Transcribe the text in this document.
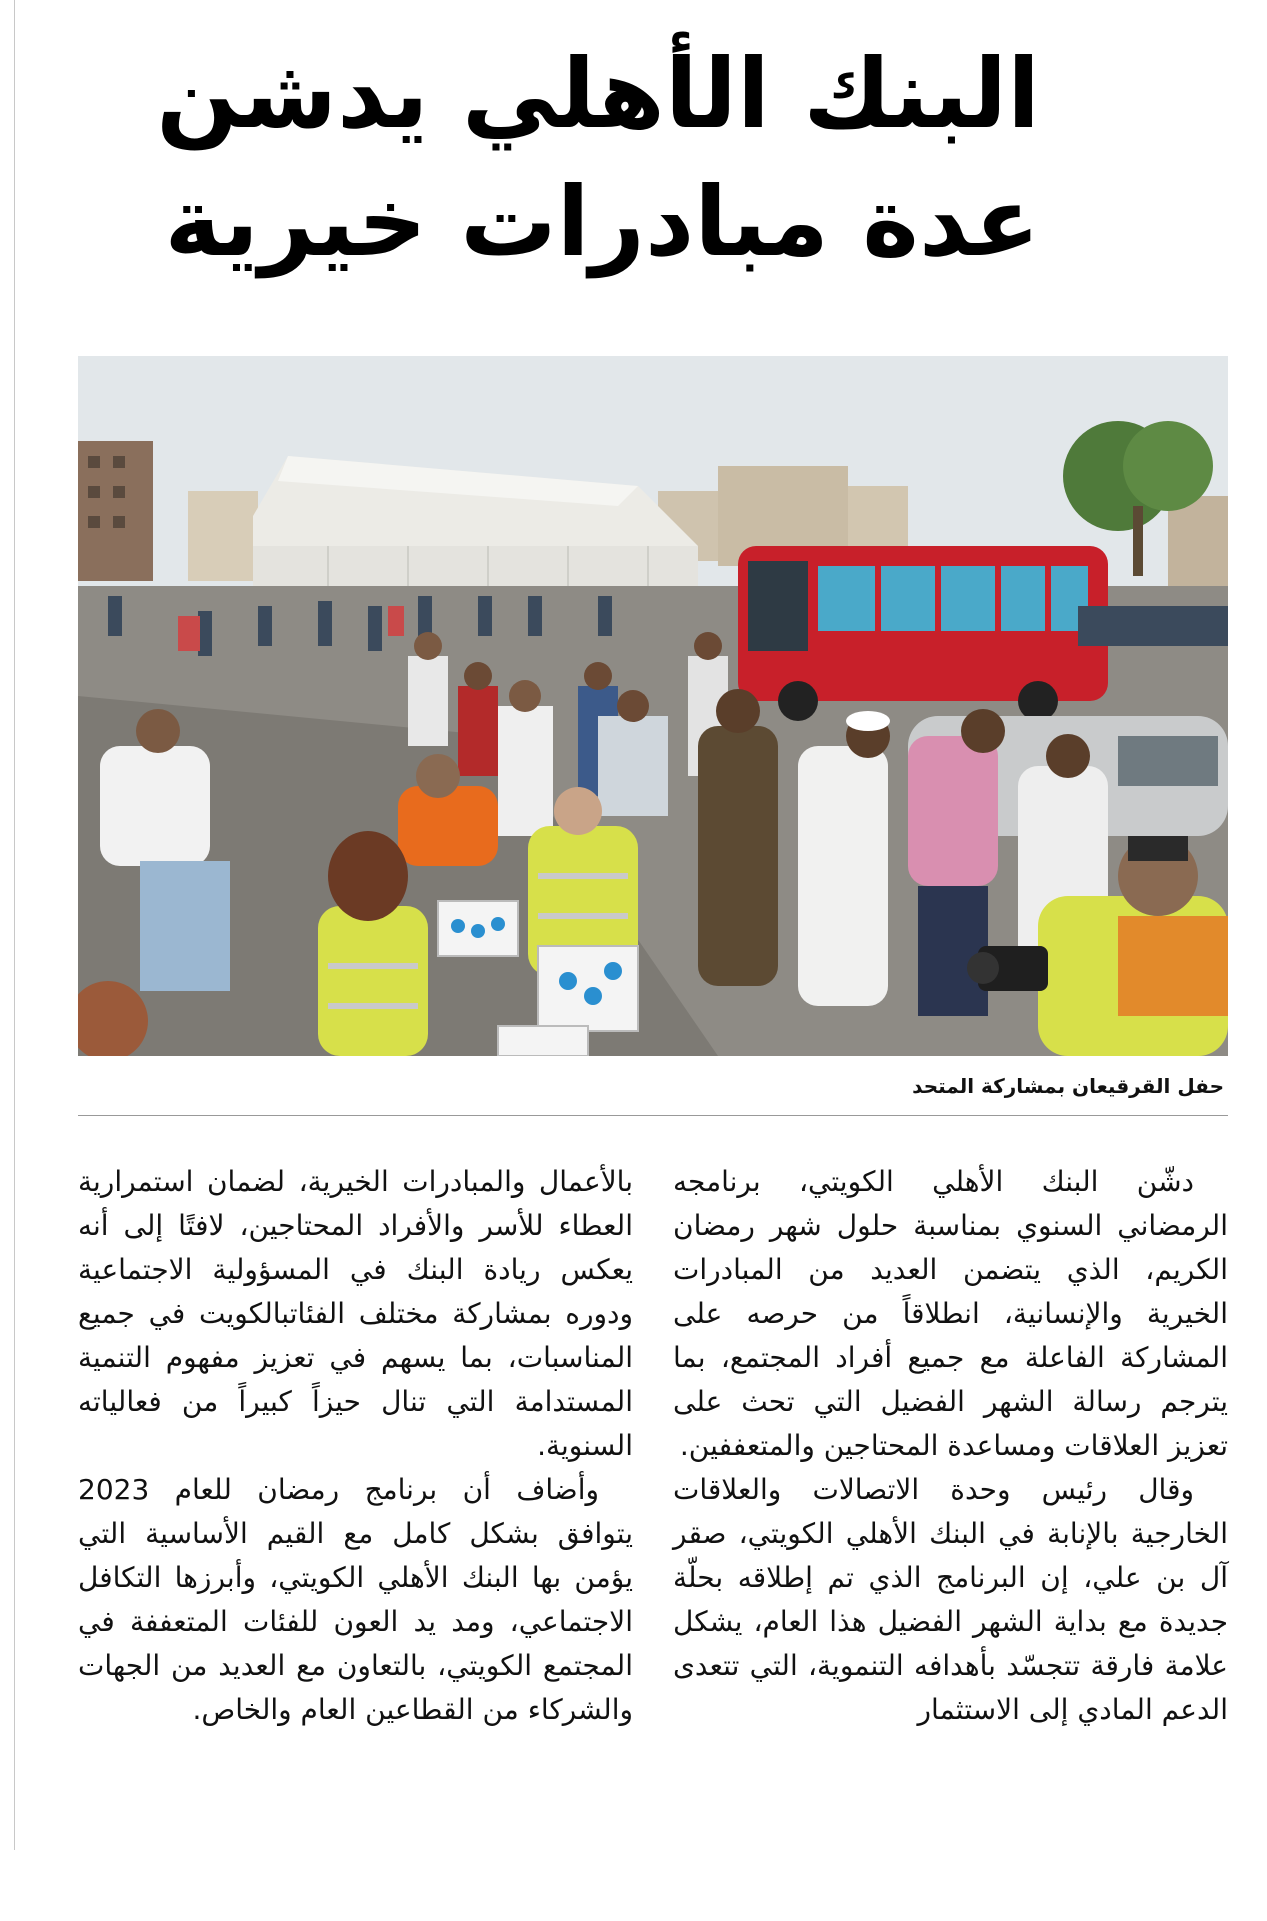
البنك الأهلي يدشن
عدة مبادرات خيرية
حفل القرقيعان بمشاركة المتحد

دشّن البنك الأهلي الكويتي، برنامجه الرمضاني السنوي بمناسبة حلول شهر رمضان الكريم، الذي يتضمن العديد من المبادرات الخيرية والإنسانية، انطلاقاً من حرصه على المشاركة الفاعلة مع جميع أفراد المجتمع، بما يترجم رسالة الشهر الفضيل التي تحث على تعزيز العلاقات ومساعدة المحتاجين والمتعففين.

وقال رئيس وحدة الاتصالات والعلاقات الخارجية بالإنابة في البنك الأهلي الكويتي، صقر آل بن علي، إن البرنامج الذي تم إطلاقه بحلّة جديدة مع بداية الشهر الفضيل هذا العام، يشكل علامة فارقة تتجسّد بأهدافه التنموية، التي تتعدى الدعم المادي إلى الاستثمار

بالأعمال والمبادرات الخيرية، لضمان استمرارية العطاء للأسر والأفراد المحتاجين، لافتًا إلى أنه يعكس ريادة البنك في المسؤولية الاجتماعية ودوره بمشاركة مختلف الفئاتبالكويت في جميع المناسبات، بما يسهم في تعزيز مفهوم التنمية المستدامة التي تنال حيزاً كبيراً من فعالياته السنوية.

وأضاف أن برنامج رمضان للعام 2023 يتوافق بشكل كامل مع القيم الأساسية التي يؤمن بها البنك الأهلي الكويتي، وأبرزها التكافل الاجتماعي، ومد يد العون للفئات المتعففة في المجتمع الكويتي، بالتعاون مع العديد من الجهات والشركاء من القطاعين العام والخاص.
